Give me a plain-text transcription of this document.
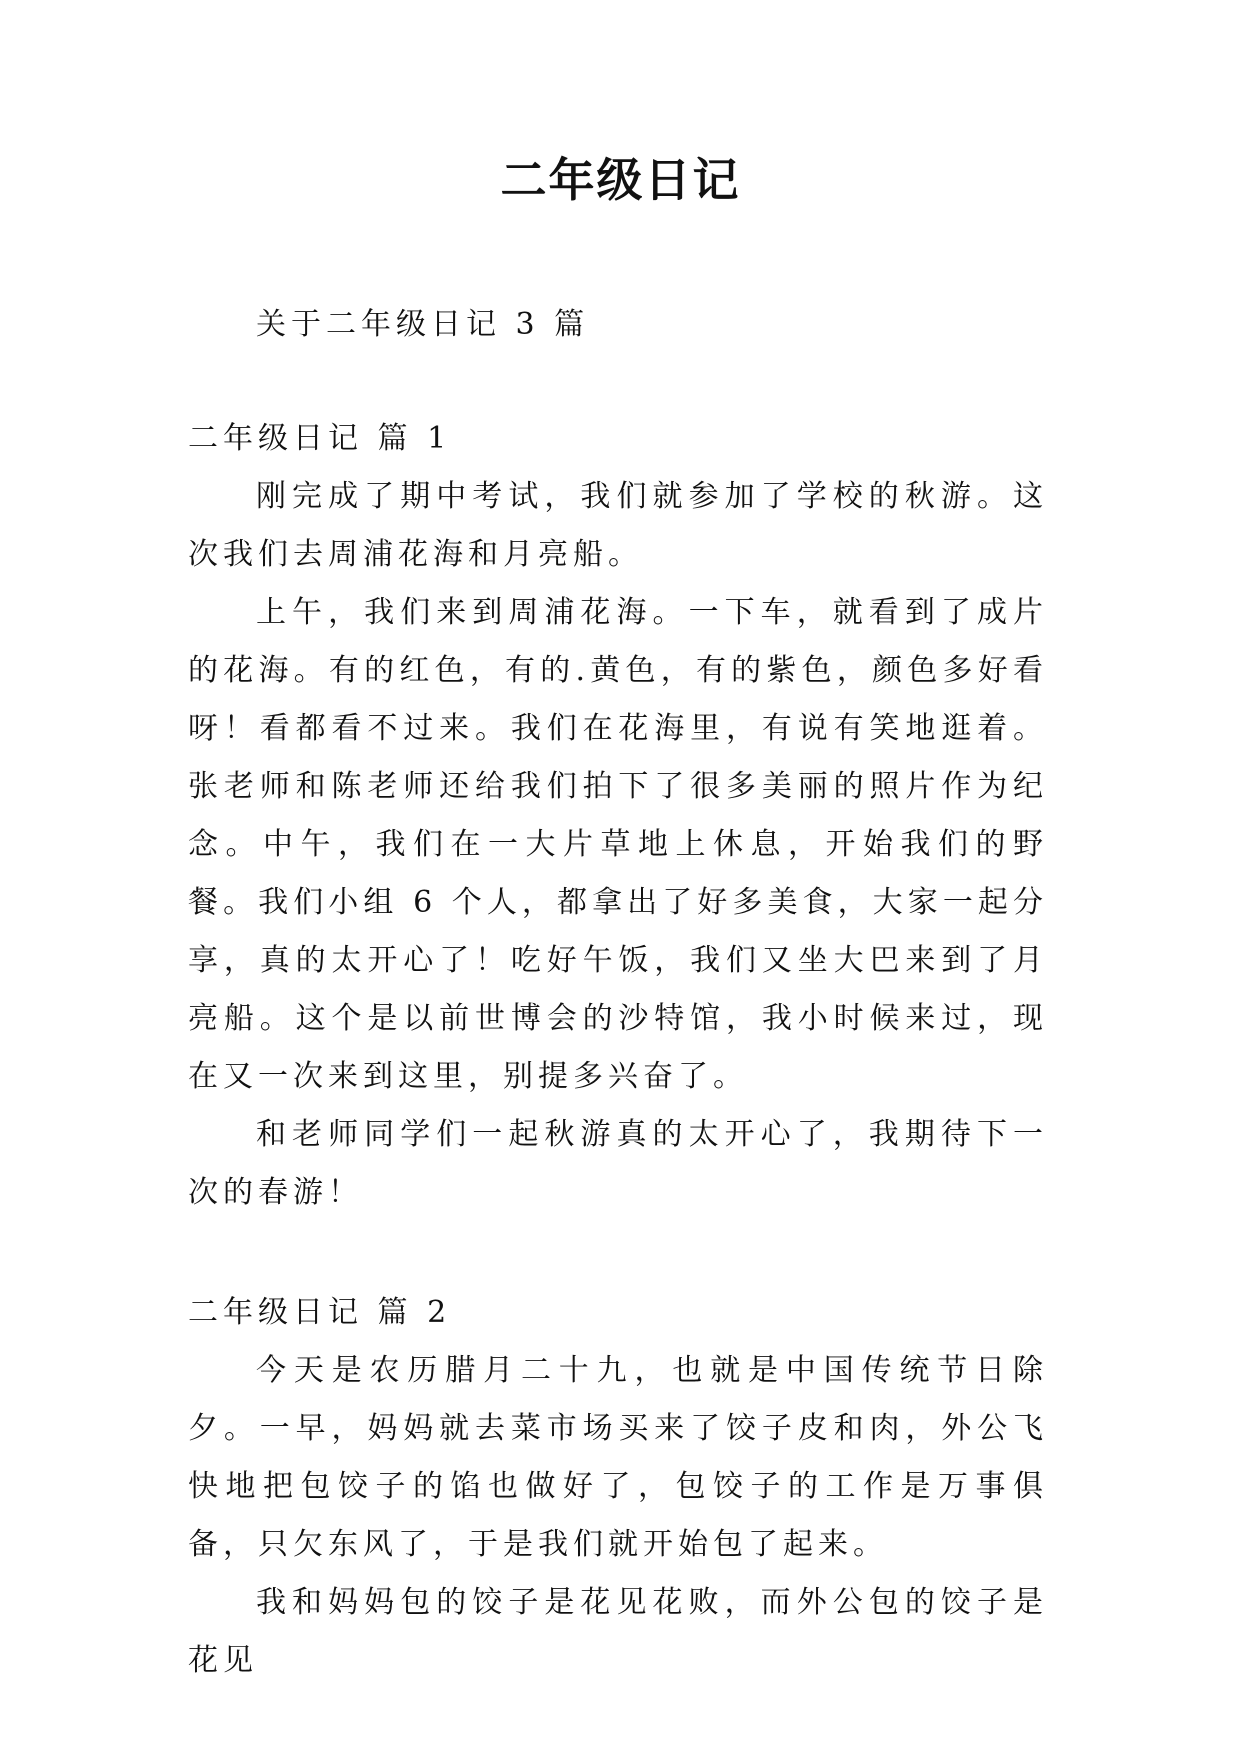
二年级日记

关于二年级日记 3 篇

二年级日记 篇 1

刚完成了期中考试，我们就参加了学校的秋游。这次我们去周浦花海和月亮船。

上午，我们来到周浦花海。一下车，就看到了成片的花海。有的红色，有的.黄色，有的紫色，颜色多好看呀！看都看不过来。我们在花海里，有说有笑地逛着。张老师和陈老师还给我们拍下了很多美丽的照片作为纪念。中午，我们在一大片草地上休息，开始我们的野餐。我们小组 6 个人，都拿出了好多美食，大家一起分享，真的太开心了！吃好午饭，我们又坐大巴来到了月亮船。这个是以前世博会的沙特馆，我小时候来过，现在又一次来到这里，别提多兴奋了。

和老师同学们一起秋游真的太开心了，我期待下一次的春游！

二年级日记 篇 2

今天是农历腊月二十九，也就是中国传统节日除夕。一早，妈妈就去菜市场买来了饺子皮和肉，外公飞快地把包饺子的馅也做好了，包饺子的工作是万事俱备，只欠东风了，于是我们就开始包了起来。

我和妈妈包的饺子是花见花败，而外公包的饺子是花见
